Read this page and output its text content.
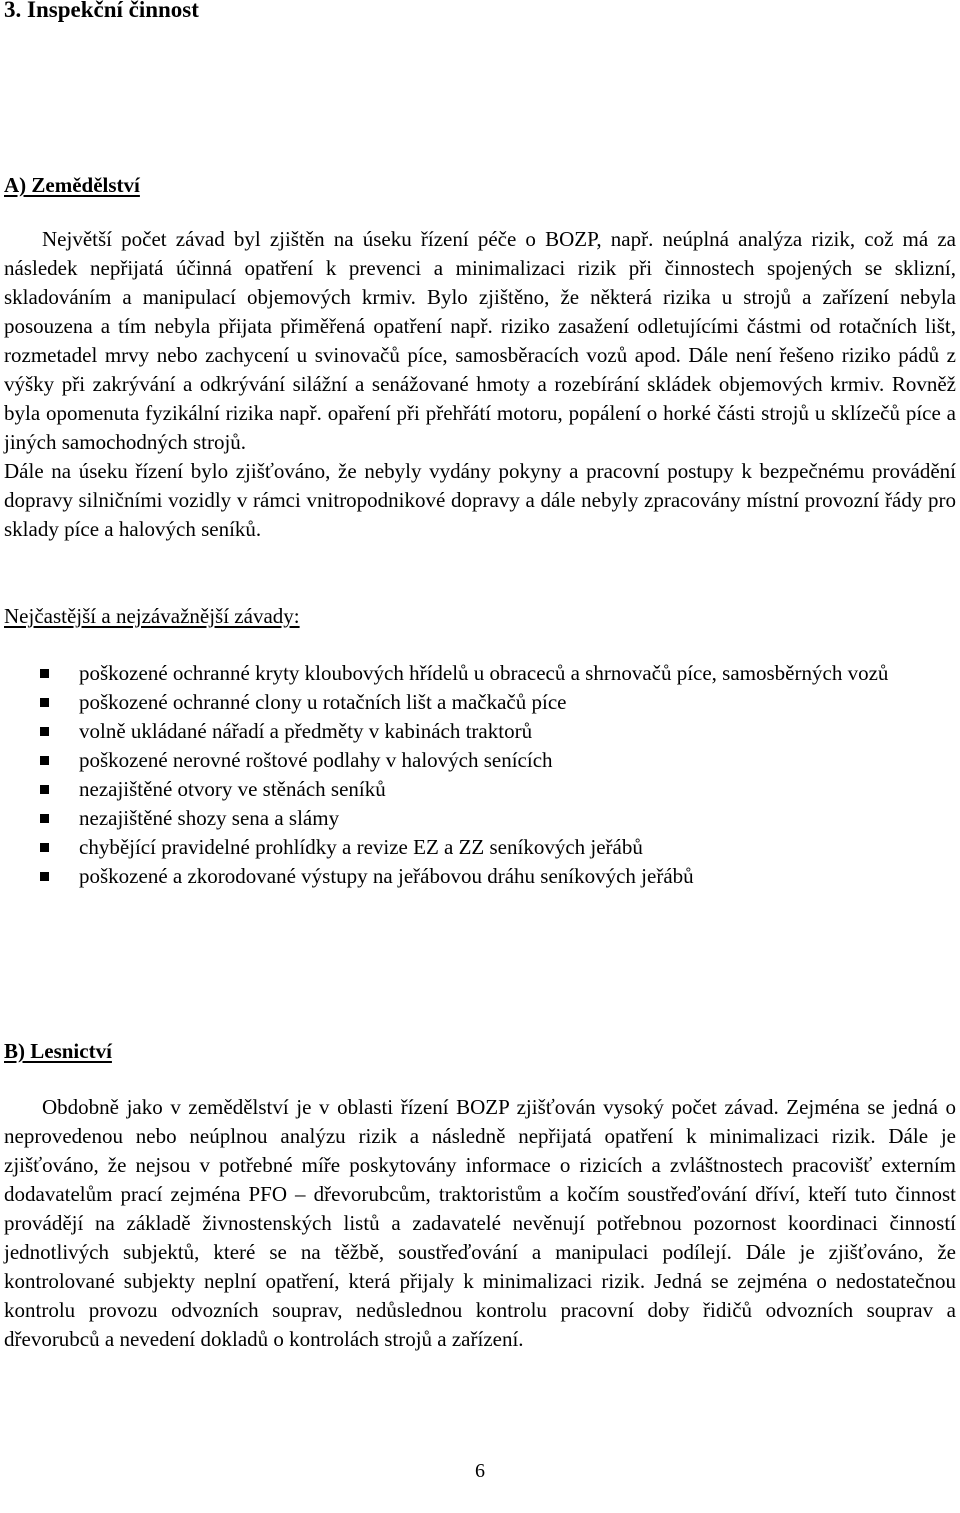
3. Inspekční činnost
A) Zemědělství

Největší počet závad byl zjištěn na úseku řízení péče o BOZP, např. neúplná analýza rizik, což má za následek nepřijatá účinná opatření k prevenci a minimalizaci rizik při činnostech spojených se sklizní, skladováním a manipulací objemových krmiv. Bylo zjištěno, že některá rizika u strojů a zařízení nebyla posouzena a tím nebyla přijata přiměřená opatření např. riziko zasažení odletujícími částmi od rotačních lišt, rozmetadel mrvy nebo zachycení u svinovačů píce, samosběracích vozů apod. Dále není řešeno riziko pádů z výšky při zakrývání a odkrývání silážní a senážované hmoty a rozebírání skládek objemových krmiv. Rovněž byla opomenuta fyzikální rizika např. opaření při přehřátí motoru, popálení o horké části strojů u sklízečů píce a jiných samochodných strojů.

Dále na úseku řízení bylo zjišťováno, že nebyly vydány pokyny a pracovní postupy k bezpečnému provádění dopravy silničními vozidly v rámci vnitropodnikové dopravy a dále nebyly zpracovány místní provozní řády pro sklady píce a halových seníků.

Nejčastější a nejzávažnější závady:
poškozené ochranné kryty kloubových hřídelů u obraceců a shrnovačů píce, samosběrných vozů
poškozené ochranné clony u rotačních lišt a mačkačů píce
volně ukládané nářadí a předměty v kabinách traktorů
poškozené nerovné roštové podlahy v halových senících
nezajištěné otvory ve stěnách seníků
nezajištěné shozy sena a slámy
chybějící pravidelné prohlídky a revize EZ a ZZ seníkových jeřábů
poškozené a zkorodované výstupy na jeřábovou dráhu seníkových jeřábů
B) Lesnictví

Obdobně jako v zemědělství je v oblasti řízení BOZP zjišťován vysoký počet závad. Zejména se jedná o neprovedenou nebo neúplnou analýzu rizik a následně nepřijatá opatření k minimalizaci rizik. Dále je zjišťováno, že nejsou v potřebné míře poskytovány informace o rizicích a zvláštnostech pracovišť externím dodavatelům prací zejména PFO – dřevorubcům, traktoristům a kočím soustřeďování dříví, kteří tuto činnost provádějí na základě živnostenských listů a zadavatelé nevěnují potřebnou pozornost koordinaci činností jednotlivých subjektů, které se na těžbě, soustřeďování a manipulaci podílejí. Dále je zjišťováno, že kontrolované subjekty neplní opatření, která přijaly k minimalizaci rizik. Jedná se zejména o nedostatečnou kontrolu provozu odvozních souprav, nedůslednou kontrolu pracovní doby řidičů odvozních souprav a dřevorubců a nevedení dokladů o kontrolách strojů a zařízení.

6
